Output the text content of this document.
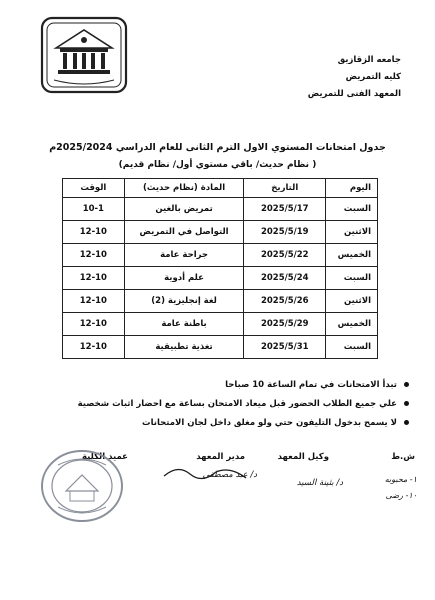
جامعه الزقازيق
كليه التمريض
المعهد الفنى للتمريض
جدول امتحانات المستوي الاول الترم الثانى للعام الدراسي 2025/2024م
( نظام حديث/ باقي مستوي أول/ نظام قديم)
اليوم	التاريخ	المادة (نظام حديث)	الوقت
السبت	2025/5/17	تمريض بالغين	10-1
الاثنين	2025/5/19	التواصل في التمريض	12-10
الخميس	2025/5/22	جراحة عامة	12-10
السبت	2025/5/24	علم أدوية	12-10
الاثنين	2025/5/26	لغة إنجليزية (2)	12-10
الخميس	2025/5/29	باطنة عامة	12-10
السبت	2025/5/31	تغذية تطبيقية	12-10
تبدأ الامتحانات في تمام الساعة 10 صباحا
علي جميع الطلاب الحضور قبل ميعاد الامتحان بساعة مع احضار اثبات شخصية
لا يسمح بدخول التليفون حتي ولو مغلق داخل لجان الامتحانات
ش.ط
وكيل المعهد
مدير المعهد
عميد الكلية
١- محبوبه
١٠- رضى
د/ بثينة السيد
د/ عبد مصطفى
